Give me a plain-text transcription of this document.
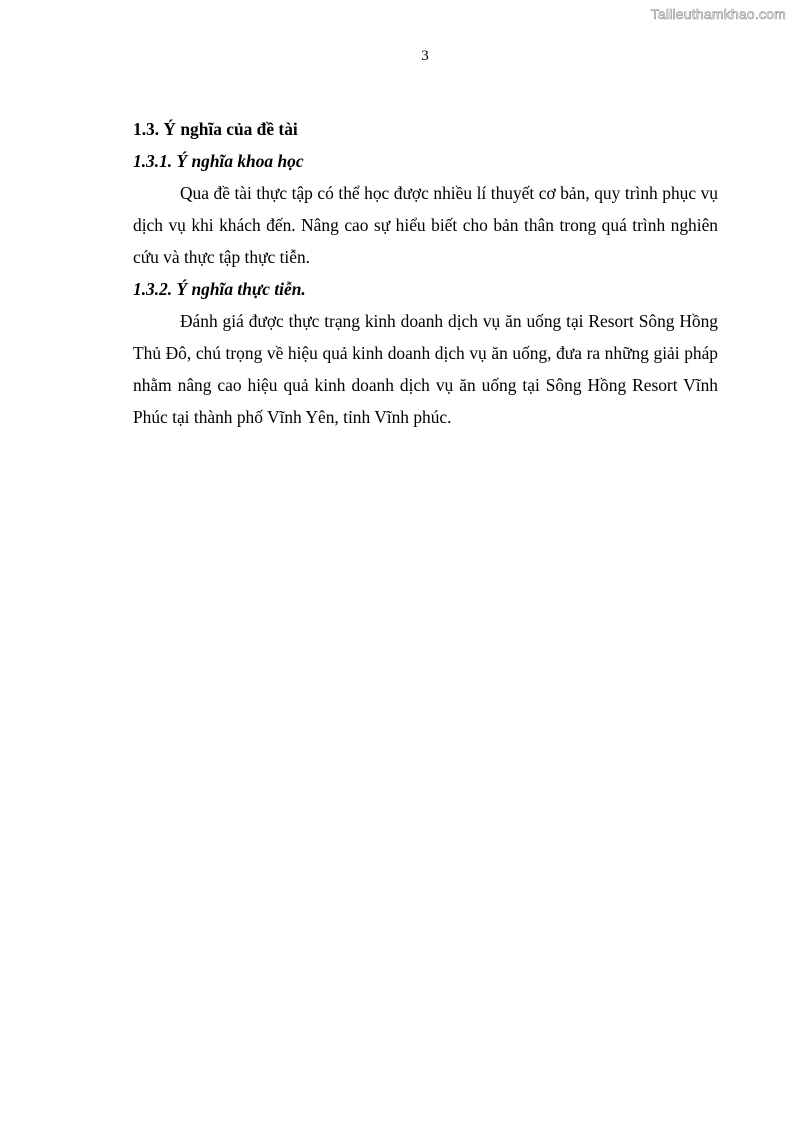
Tailieuthamkhao.com
3

1.3. Ý nghĩa của đề tài

1.3.1. Ý nghĩa khoa học

Qua đề tài thực tập có thể học được nhiều lí thuyết cơ bản, quy trình phục vụ dịch vụ khi khách đến. Nâng cao sự hiểu biết cho bản thân trong quá trình nghiên cứu và thực tập thực tiễn.

1.3.2. Ý nghĩa thực tiễn.

Đánh giá được thực trạng kinh doanh dịch vụ ăn uống tại Resort Sông Hồng Thủ Đô, chú trọng về hiệu quả kinh doanh dịch vụ ăn uống, đưa ra những giải pháp nhằm nâng cao hiệu quả kinh doanh dịch vụ ăn uống tại Sông Hồng Resort Vĩnh Phúc tại thành phố Vĩnh Yên, tỉnh Vĩnh phúc.
